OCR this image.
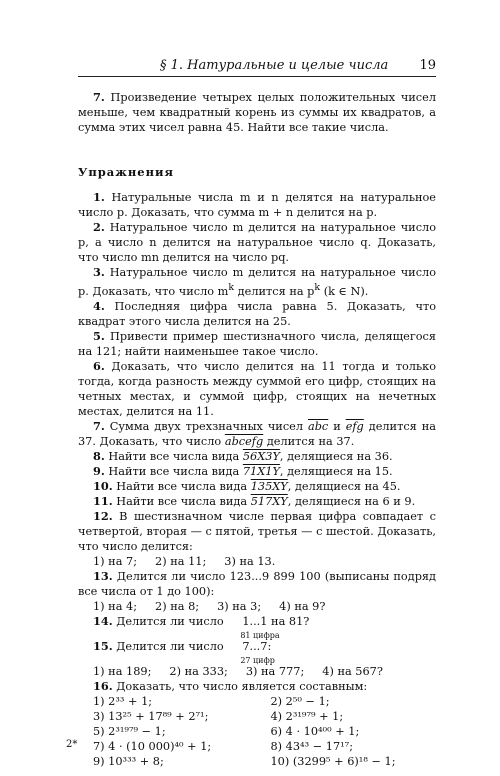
§ 1. Натуральные и целые числа 19

7. Произведение четырех целых положительных чисел меньше, чем квадратный корень из суммы их квадратов, а сумма этих чисел равна 45. Найти все такие числа.

Упражнения

1. Натуральные числа m и n делятся на натуральное число p. Доказать, что сумма m + n делится на p.

2. Натуральное число m делится на натуральное число p, а число n делится на натуральное число q. Доказать, что число mn делится на число pq.

3. Натуральное число m делится на натуральное число p. Доказать, что число $m^k$ делится на $p^k$ (k ∈ N).

4. Последняя цифра числа равна 5. Доказать, что квадрат этого числа делится на 25.

5. Привести пример шестизначного числа, делящегося на 121; найти наименьшее такое число.

6. Доказать, что число делится на 11 тогда и только тогда, когда разность между суммой его цифр, стоящих на четных местах, и суммой цифр, стоящих на нечетных местах, делится на 11.

7. Сумма двух трехзначных чисел $\overline{abc}$ и $\overline{efg}$ делится на 37. Доказать, что число abcefg делится на 37.

8. Найти все числа вида 56X3Y, делящиеся на 36.

9. Найти все числа вида 71X1Y, делящиеся на 15.

10. Найти все числа вида 135XY, делящиеся на 45.

11. Найти все числа вида 517XY, делящиеся на 6 и 9.

12. В шестизначном числе первая цифра совпадает с четвертой, вторая — с пятой, третья — с шестой. Доказать, что число делится:

1) на 7; 2) на 11; 3) на 13.

13. Делится ли число 123...9 899 100 (выписаны подряд все числа от 1 до 100):

1) на 4; 2) на 8; 3) на 3; 4) на 9?

14. Делится ли число 1...1
81 цифра
на 81?

15. Делится ли число 7...7
27 цифр
:

1) на 189; 2) на 333; 3) на 777; 4) на 567?

16. Доказать, что число является составным:

1) 2³³ + 1;	2) 2⁵⁰ − 1;
3) 13²⁵ + 17⁸⁹ + 2⁷¹;	4) 2³¹⁹⁷⁹ + 1;
5) 2³¹⁹⁷⁹ − 1;	6) 4 · 10⁴⁰⁰ + 1;
7) 4 · (10 000)⁴⁰ + 1;	8) 43⁴³ − 17¹⁷;
9) 10³³³ + 8;	10) (3299⁵ + 6)¹⁸ − 1;
2*
